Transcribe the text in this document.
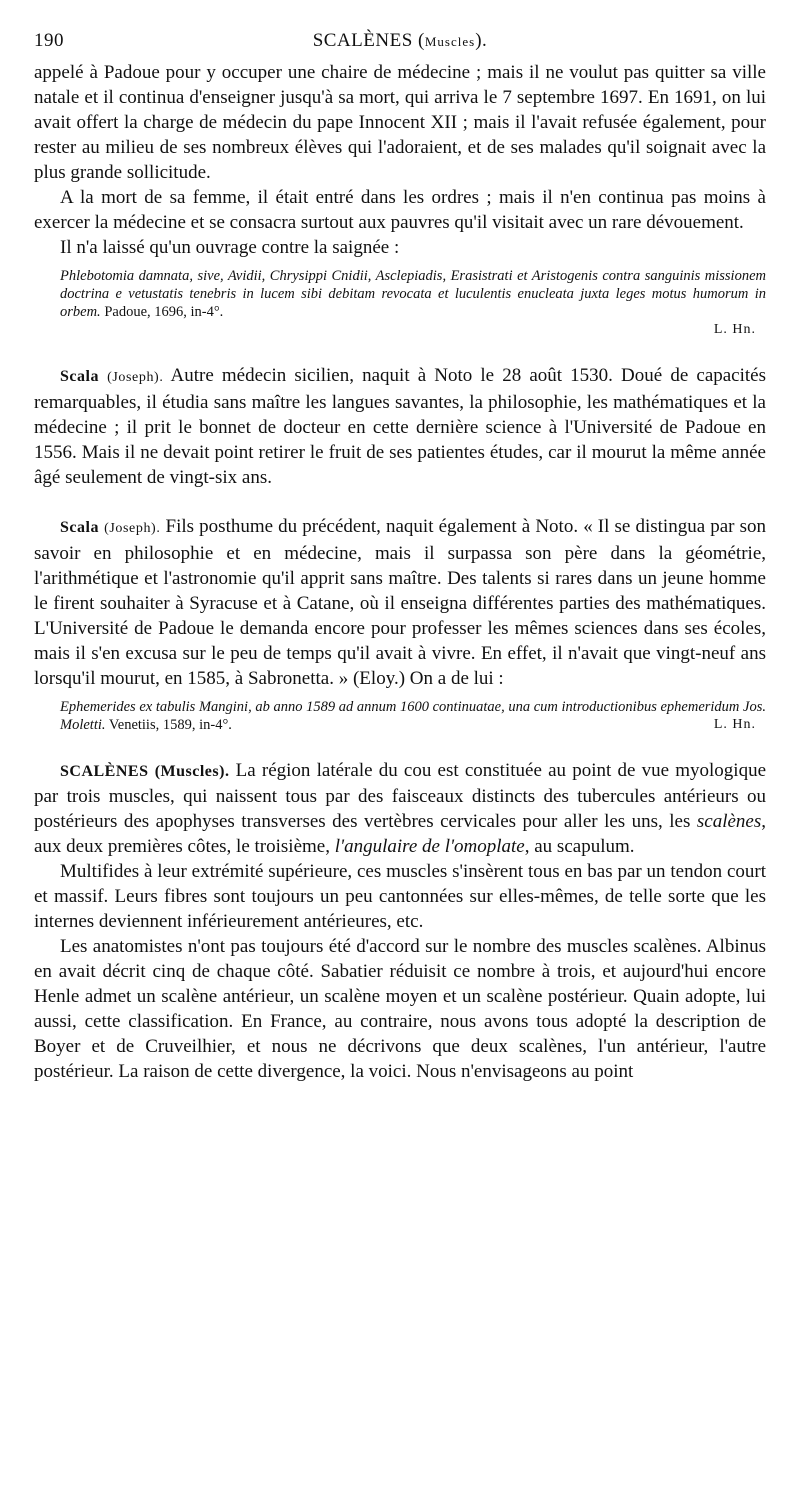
190	SCALÈNES (Muscles).

appelé à Padoue pour y occuper une chaire de médecine ; mais il ne voulut pas quitter sa ville natale et il continua d'enseigner jusqu'à sa mort, qui arriva le 7 septembre 1697. En 1691, on lui avait offert la charge de médecin du pape Innocent XII ; mais il l'avait refusée également, pour rester au milieu de ses nombreux élèves qui l'adoraient, et de ses malades qu'il soignait avec la plus grande sollicitude.

A la mort de sa femme, il était entré dans les ordres ; mais il n'en continua pas moins à exercer la médecine et se consacra surtout aux pauvres qu'il visitait avec un rare dévouement.

Il n'a laissé qu'un ouvrage contre la saignée :

Phlebotomia damnata, sive, Avidii, Chrysippi Cnidii, Asclepiadis, Erasistrati et Aristogenis contra sanguinis missionem doctrina e vetustatis tenebris in lucem sibi debitam revocata et luculentis enucleata juxta leges motus humorum in orbem. Padoue, 1696, in-4°.
L. Hn.

Scala (Joseph). Autre médecin sicilien, naquit à Noto le 28 août 1530. Doué de capacités remarquables, il étudia sans maître les langues savantes, la philosophie, les mathématiques et la médecine ; il prit le bonnet de docteur en cette dernière science à l'Université de Padoue en 1556. Mais il ne devait point retirer le fruit de ses patientes études, car il mourut la même année âgé seulement de vingt-six ans.

Scala (Joseph). Fils posthume du précédent, naquit également à Noto. « Il se distingua par son savoir en philosophie et en médecine, mais il surpassa son père dans la géométrie, l'arithmétique et l'astronomie qu'il apprit sans maître. Des talents si rares dans un jeune homme le firent souhaiter à Syracuse et à Catane, où il enseigna différentes parties des mathématiques. L'Université de Padoue le demanda encore pour professer les mêmes sciences dans ses écoles, mais il s'en excusa sur le peu de temps qu'il avait à vivre. En effet, il n'avait que vingt-neuf ans lorsqu'il mourut, en 1585, à Sabronetta. » (Eloy.) On a de lui :

Ephemerides ex tabulis Mangini, ab anno 1589 ad annum 1600 continuatae, una cum introductionibus ephemeridum Jos. Moletti. Venetiis, 1589, in-4°.	L. Hn.

SCALÈNES (Muscles). La région latérale du cou est constituée au point de vue myologique par trois muscles, qui naissent tous par des faisceaux distincts des tubercules antérieurs ou postérieurs des apophyses transverses des vertèbres cervicales pour aller les uns, les scalènes, aux deux premières côtes, le troisième, l'angulaire de l'omoplate, au scapulum.

Multifides à leur extrémité supérieure, ces muscles s'insèrent tous en bas par un tendon court et massif. Leurs fibres sont toujours un peu cantonnées sur elles-mêmes, de telle sorte que les internes deviennent inférieurement antérieures, etc.

Les anatomistes n'ont pas toujours été d'accord sur le nombre des muscles scalènes. Albinus en avait décrit cinq de chaque côté. Sabatier réduisit ce nombre à trois, et aujourd'hui encore Henle admet un scalène antérieur, un scalène moyen et un scalène postérieur. Quain adopte, lui aussi, cette classification. En France, au contraire, nous avons tous adopté la description de Boyer et de Cruveilhier, et nous ne décrivons que deux scalènes, l'un antérieur, l'autre postérieur. La raison de cette divergence, la voici. Nous n'envisageons au point
